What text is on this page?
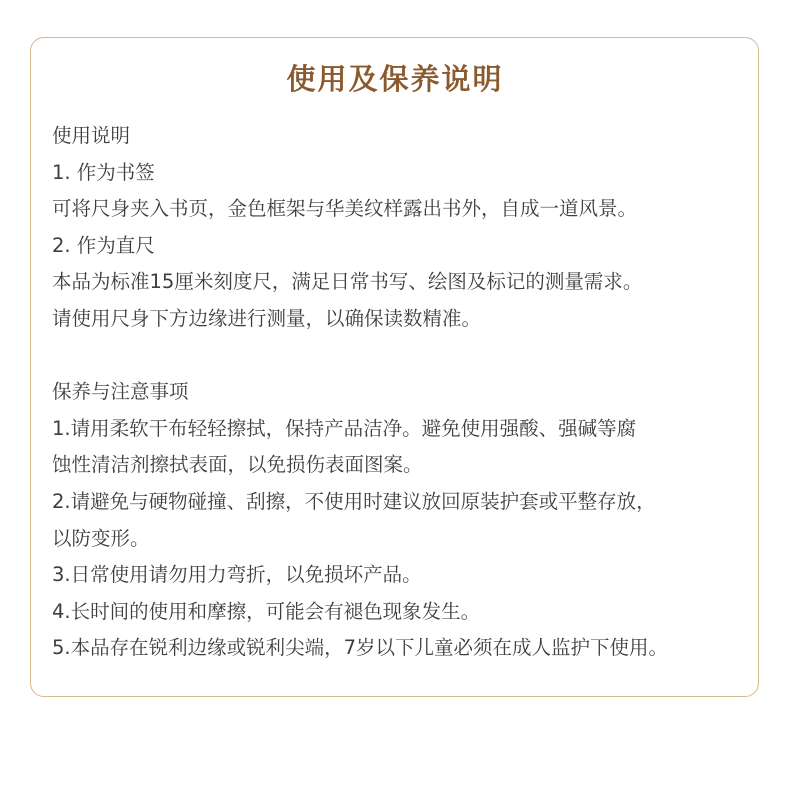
使用及保养说明
使用说明
1. 作为书签
可将尺身夹入书页，金色框架与华美纹样露出书外，自成一道风景。
2. 作为直尺
本品为标准15厘米刻度尺，满足日常书写、绘图及标记的测量需求。
请使用尺身下方边缘进行测量，以确保读数精准。
保养与注意事项
1.请用柔软干布轻轻擦拭，保持产品洁净。避免使用强酸、强碱等腐
蚀性清洁剂擦拭表面，以免损伤表面图案。
2.请避免与硬物碰撞、刮擦，不使用时建议放回原装护套或平整存放，
以防变形。
3.日常使用请勿用力弯折，以免损坏产品。
4.长时间的使用和摩擦，可能会有褪色现象发生。
5.本品存在锐利边缘或锐利尖端，7岁以下儿童必须在成人监护下使用。
